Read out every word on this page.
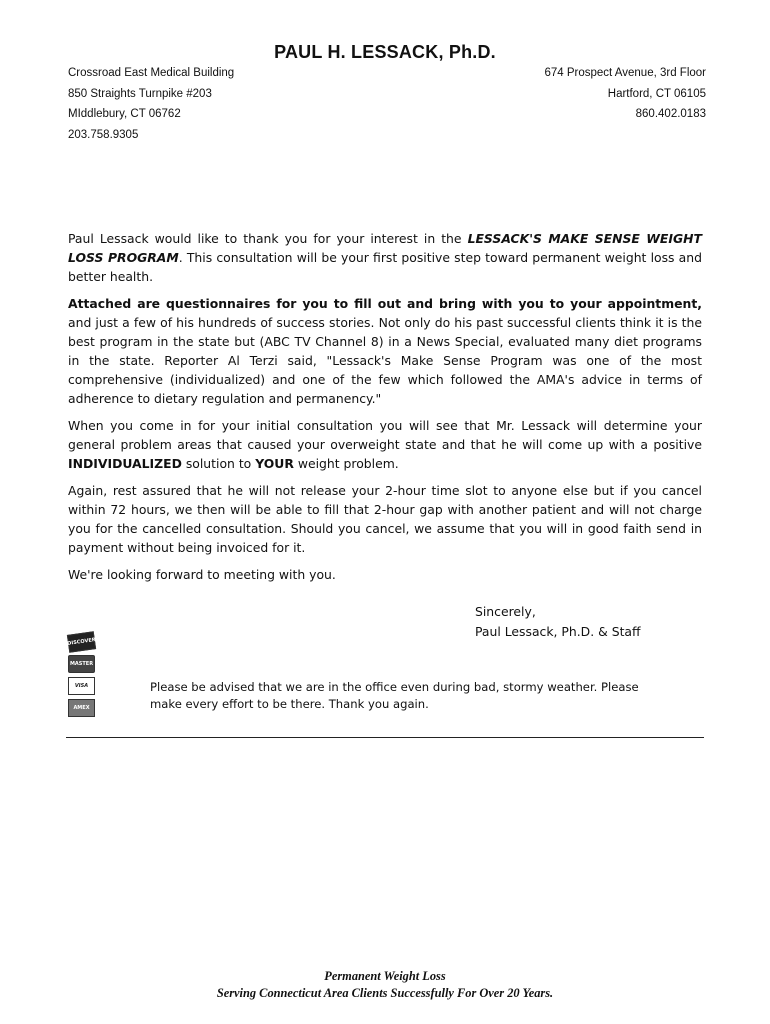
PAUL H. LESSACK, Ph.D.
Crossroad East Medical Building
850 Straights Turnpike #203
MIddlebury, CT 06762
203.758.9305
674 Prospect Avenue, 3rd Floor
Hartford, CT 06105
860.402.0183

Paul Lessack would like to thank you for your interest in the LESSACK'S MAKE SENSE WEIGHT LOSS PROGRAM. This consultation will be your first positive step toward permanent weight loss and better health.

Attached are questionnaires for you to fill out and bring with you to your appointment, and just a few of his hundreds of success stories. Not only do his past successful clients think it is the best program in the state but (ABC TV Channel 8) in a News Special, evaluated many diet programs in the state. Reporter Al Terzi said, "Lessack's Make Sense Program was one of the most comprehensive (individualized) and one of the few which followed the AMA's advice in terms of adherence to dietary regulation and permanency."

When you come in for your initial consultation you will see that Mr. Lessack will determine your general problem areas that caused your overweight state and that he will come up with a positive INDIVIDUALIZED solution to YOUR weight problem.

Again, rest assured that he will not release your 2-hour time slot to anyone else but if you cancel within 72 hours, we then will be able to fill that 2-hour gap with another patient and will not charge you for the cancelled consultation. Should you cancel, we assume that you will in good faith send in payment without being invoiced for it.

We're looking forward to meeting with you.

Sincerely,
Paul Lessack, Ph.D. & Staff
DISCOVER
MASTER
VISA
AMEX
Please be advised that we are in the office even during bad, stormy weather. Please
make every effort to be there. Thank you again.
Permanent Weight Loss
Serving Connecticut Area Clients Successfully For Over 20 Years.
